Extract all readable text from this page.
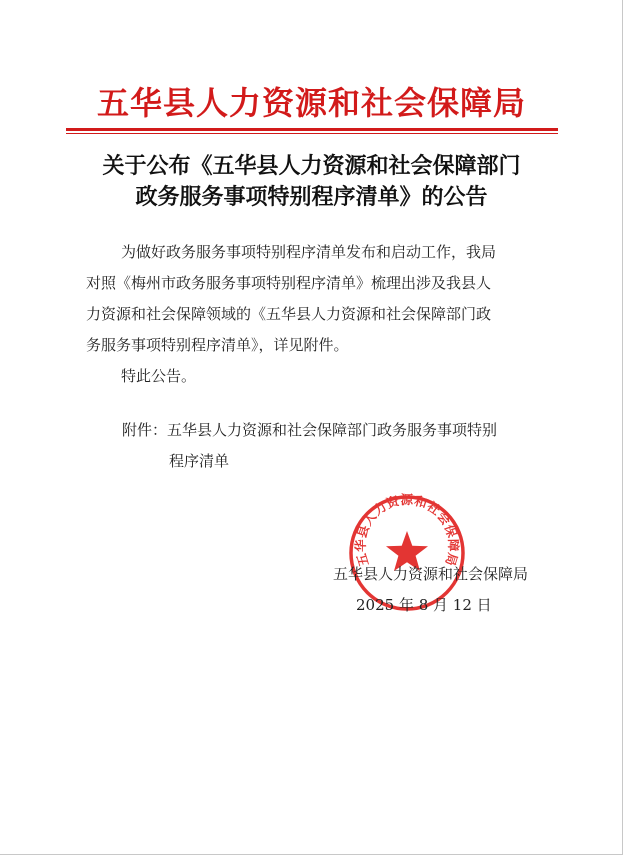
五华县人力资源和社会保障局
关于公布《五华县人力资源和社会保障部门
政务服务事项特别程序清单》的公告
为做好政务服务事项特别程序清单发布和启动工作，我局
对照《梅州市政务服务事项特别程序清单》梳理出涉及我县人
力资源和社会保障领域的《五华县人力资源和社会保障部门政
务服务事项特别程序清单》，详见附件。
特此公告。
附件：五华县人力资源和社会保障部门政务服务事项特别
程序清单
五华县人力资源和社会保障局
五华县人力资源和社会保障局
2025 年 8 月 12 日
